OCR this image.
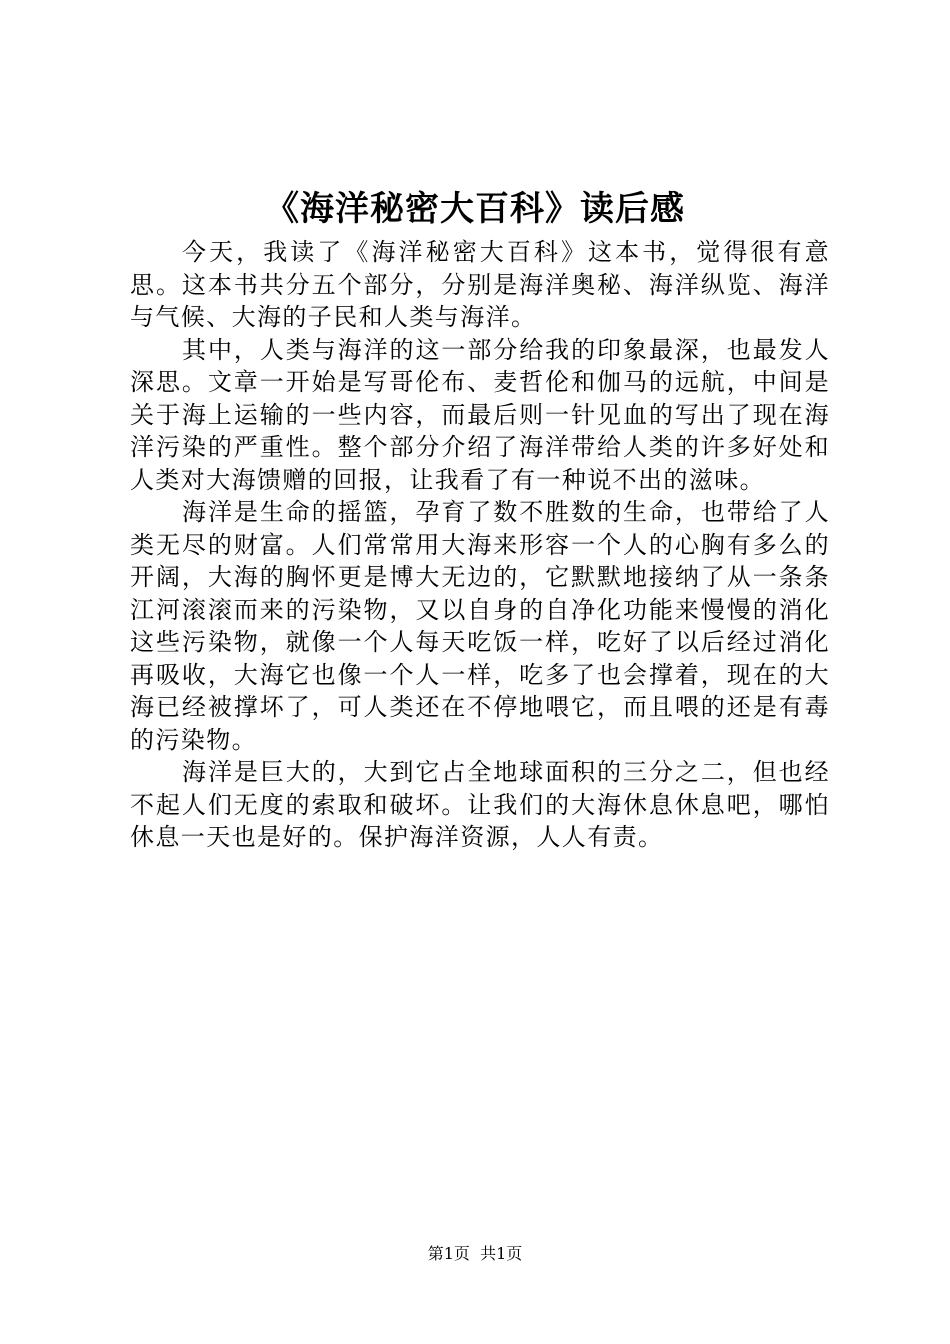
《海洋秘密大百科》读后感

今天，我读了《海洋秘密大百科》这本书，觉得很有意思。这本书共分五个部分，分别是海洋奥秘、海洋纵览、海洋与气候、大海的子民和人类与海洋。

其中，人类与海洋的这一部分给我的印象最深，也最发人深思。文章一开始是写哥伦布、麦哲伦和伽马的远航，中间是关于海上运输的一些内容，而最后则一针见血的写出了现在海洋污染的严重性。整个部分介绍了海洋带给人类的许多好处和人类对大海馈赠的回报，让我看了有一种说不出的滋味。

海洋是生命的摇篮，孕育了数不胜数的生命，也带给了人类无尽的财富。人们常常用大海来形容一个人的心胸有多么的开阔，大海的胸怀更是博大无边的，它默默地接纳了从一条条江河滚滚而来的污染物，又以自身的自净化功能来慢慢的消化这些污染物，就像一个人每天吃饭一样，吃好了以后经过消化再吸收，大海它也像一个人一样，吃多了也会撑着，现在的大海已经被撑坏了，可人类还在不停地喂它，而且喂的还是有毒的污染物。

海洋是巨大的，大到它占全地球面积的三分之二，但也经不起人们无度的索取和破坏。让我们的大海休息休息吧，哪怕休息一天也是好的。保护海洋资源，人人有责。

第1页  共1页
